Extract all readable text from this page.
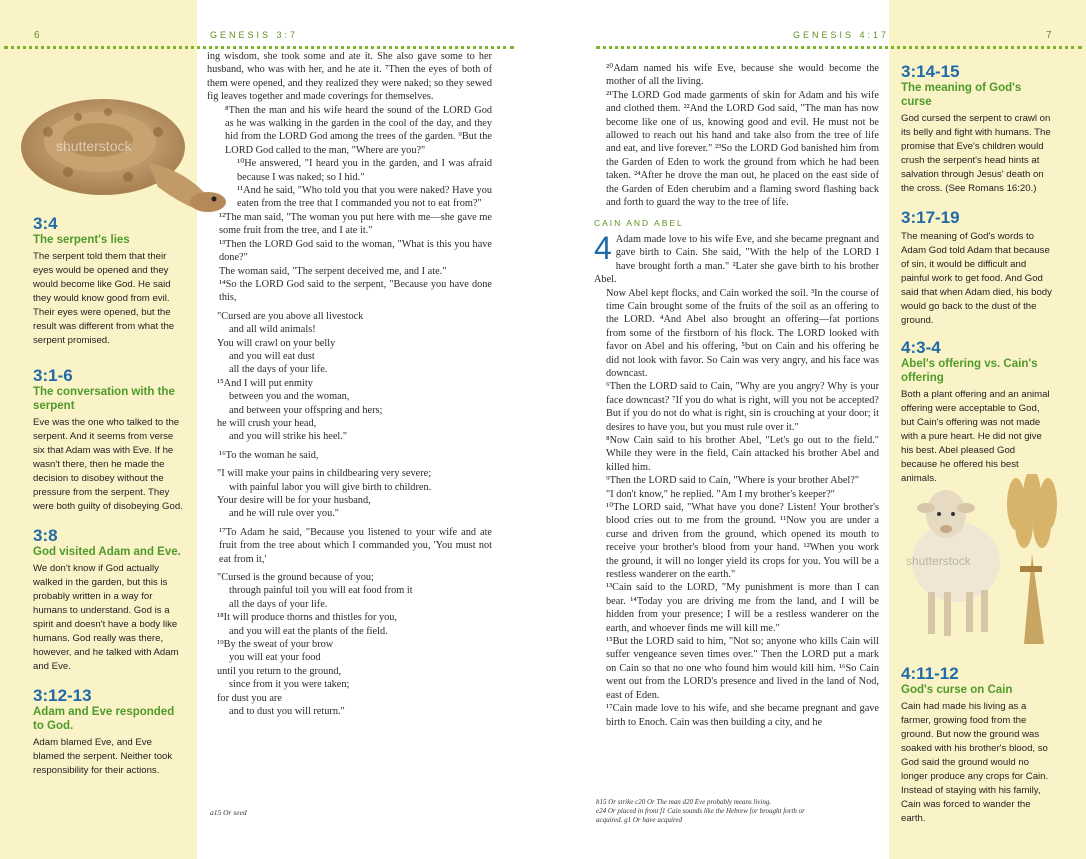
6	GENESIS 3:7	GENESIS 4:17	7
shutterstock
3:4
The serpent's lies
The serpent told them that their eyes would be opened and they would become like God. He said they would know good from evil. Their eyes were opened, but the result was different from what the serpent promised.
3:1-6
The conversation with the serpent
Eve was the one who talked to the serpent. And it seems from verse six that Adam was with Eve. If he wasn't there, then he made the decision to disobey without the pressure from the serpent. They were both guilty of disobeying God.
3:8
God visited Adam and Eve.
We don't know if God actually walked in the garden, but this is probably written in a way for humans to understand. God is a spirit and doesn't have a body like humans. God really was there, however, and he talked with Adam and Eve.
3:12-13
Adam and Eve responded to God.
Adam blamed Eve, and Eve blamed the serpent. Neither took responsibility for their actions.

ing wisdom, she took some and ate it. She also gave some to her husband, who was with her, and he ate it. ⁷Then the eyes of both of them were opened, and they realized they were naked; so they sewed fig leaves together and made coverings for themselves.

⁸Then the man and his wife heard the sound of the LORD God as he was walking in the garden in the cool of the day, and they hid from the LORD God among the trees of the garden. ⁹But the LORD God called to the man, "Where are you?"

¹⁰He answered, "I heard you in the garden, and I was afraid because I was naked; so I hid."

¹¹And he said, "Who told you that you were naked? Have you eaten from the tree that I commanded you not to eat from?"

¹²The man said, "The woman you put here with me—she gave me some fruit from the tree, and I ate it."

¹³Then the LORD God said to the woman, "What is this you have done?"

The woman said, "The serpent deceived me, and I ate."

¹⁴So the LORD God said to the serpent, "Because you have done this,

"Cursed are you above all livestock
and all wild animals!
You will crawl on your belly
and you will eat dust
all the days of your life.
¹⁵And I will put enmity
between you and the woman,
and between your offspring and hers;
he will crush your head,
and you will strike his heel."

¹⁶To the woman he said,

"I will make your pains in childbearing very severe;
with painful labor you will give birth to children.
Your desire will be for your husband,
and he will rule over you."

¹⁷To Adam he said, "Because you listened to your wife and ate fruit from the tree about which I commanded you, 'You must not eat from it,'

"Cursed is the ground because of you;
through painful toil you will eat food from it
all the days of your life.
¹⁸It will produce thorns and thistles for you,
and you will eat the plants of the field.
¹⁹By the sweat of your brow
you will eat your food
until you return to the ground,
since from it you were taken;
for dust you are
and to dust you will return."
a15 Or seed

²⁰Adam named his wife Eve, because she would become the mother of all the living.

²¹The LORD God made garments of skin for Adam and his wife and clothed them. ²²And the LORD God said, "The man has now become like one of us, knowing good and evil. He must not be allowed to reach out his hand and take also from the tree of life and eat, and live forever." ²³So the LORD God banished him from the Garden of Eden to work the ground from which he had been taken. ²⁴After he drove the man out, he placed on the east side of the Garden of Eden cherubim and a flaming sword flashing back and forth to guard the way to the tree of life.

CAIN AND ABEL

4 Adam made love to his wife Eve, and she became pregnant and gave birth to Cain. She said, "With the help of the LORD I have brought forth a man." ²Later she gave birth to his brother Abel.

Now Abel kept flocks, and Cain worked the soil. ³In the course of time Cain brought some of the fruits of the soil as an offering to the LORD. ⁴And Abel also brought an offering—fat portions from some of the firstborn of his flock. The LORD looked with favor on Abel and his offering, ⁵but on Cain and his offering he did not look with favor. So Cain was very angry, and his face was downcast.

⁶Then the LORD said to Cain, "Why are you angry? Why is your face downcast? ⁷If you do what is right, will you not be accepted? But if you do not do what is right, sin is crouching at your door; it desires to have you, but you must rule over it."

⁸Now Cain said to his brother Abel, "Let's go out to the field." While they were in the field, Cain attacked his brother Abel and killed him.

⁹Then the LORD said to Cain, "Where is your brother Abel?"

"I don't know," he replied. "Am I my brother's keeper?"

¹⁰The LORD said, "What have you done? Listen! Your brother's blood cries out to me from the ground. ¹¹Now you are under a curse and driven from the ground, which opened its mouth to receive your brother's blood from your hand. ¹²When you work the ground, it will no longer yield its crops for you. You will be a restless wanderer on the earth."

¹³Cain said to the LORD, "My punishment is more than I can bear. ¹⁴Today you are driving me from the land, and I will be hidden from your presence; I will be a restless wanderer on the earth, and whoever finds me will kill me."

¹⁵But the LORD said to him, "Not so; anyone who kills Cain will suffer vengeance seven times over." Then the LORD put a mark on Cain so that no one who found him would kill him. ¹⁶So Cain went out from the LORD's presence and lived in the land of Nod, east of Eden.

¹⁷Cain made love to his wife, and she became pregnant and gave birth to Enoch. Cain was then building a city, and he

b15 Or strike c20 Or The man d20 Eve probably means living.
e24 Or placed in front f1 Cain sounds like the Hebrew for brought forth or
acquired. g1 Or have acquired
3:14-15
The meaning of God's curse
God cursed the serpent to crawl on its belly and fight with humans. The promise that Eve's children would crush the serpent's head hints at salvation through Jesus' death on the cross. (See Romans 16:20.)
3:17-19
The meaning of God's words to Adam God told Adam that because of sin, it would be difficult and painful work to get food. And God said that when Adam died, his body would go back to the dust of the ground.
4:3-4
Abel's offering vs. Cain's offering
Both a plant offering and an animal offering were acceptable to God, but Cain's offering was not made with a pure heart. He did not give his best. Abel pleased God because he offered his best animals.
shutterstock
4:11-12
God's curse on Cain
Cain had made his living as a farmer, growing food from the ground. But now the ground was soaked with his brother's blood, so God said the ground would no longer produce any crops for Cain. Instead of staying with his family, Cain was forced to wander the earth.
